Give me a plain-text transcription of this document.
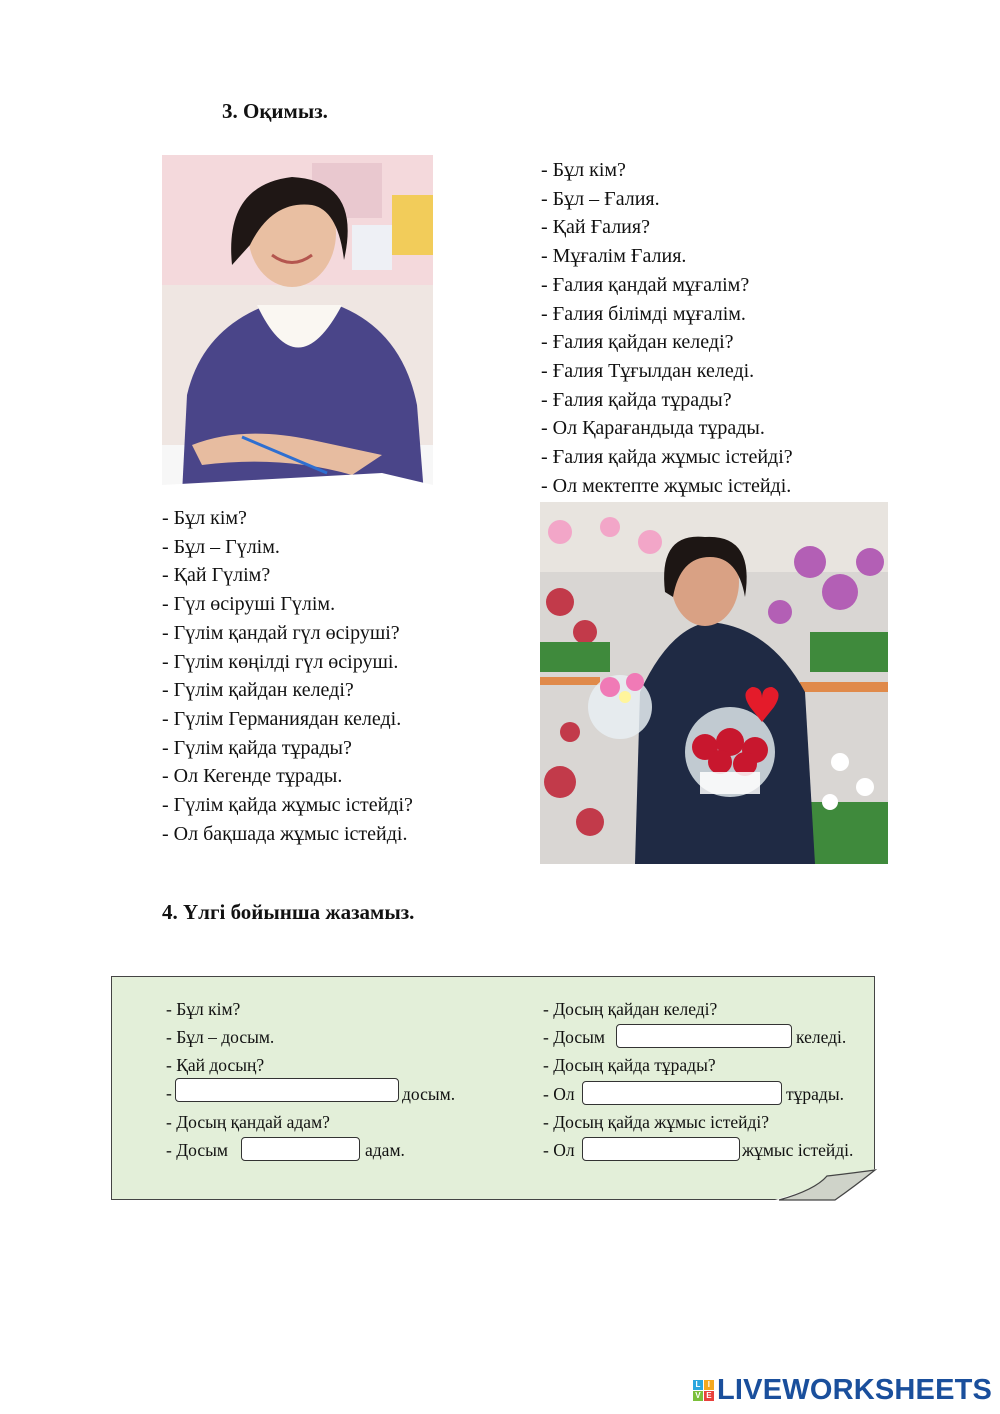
3. Оқимыз.
- Бұл кім?
- Бұл – Ғалия.
- Қай Ғалия?
- Мұғалім Ғалия.
- Ғалия қандай мұғалім?
- Ғалия білімді мұғалім.
- Ғалия қайдан келеді?
- Ғалия Тұғылдан келеді.
- Ғалия қайда тұрады?
- Ол Қарағандыда тұрады.
- Ғалия қайда жұмыс істейді?
- Ол мектепте жұмыс істейді.
- Бұл кім?
- Бұл – Гүлім.
- Қай Гүлім?
- Гүл өсіруші Гүлім.
- Гүлім қандай гүл өсіруші?
- Гүлім көңілді гүл өсіруші.
- Гүлім қайдан келеді?
- Гүлім Германиядан келеді.
- Гүлім қайда тұрады?
- Ол Кегенде тұрады.
- Гүлім қайда жұмыс істейді?
- Ол бақшада жұмыс істейді.
4. Үлгі бойынша жазамыз.
- Бұл кім?
- Бұл – досым.
- Қай досың?
-	досым.
- Досың қандай адам?
- Досым	адам.
- Досың қайдан келеді?
- Досым	келеді.
- Досың қайда тұрады?
- Ол	тұрады.
- Досың қайда жұмыс істейді?
- Ол	жұмыс істейді.
L I
V E LIVEWORKSHEETS
